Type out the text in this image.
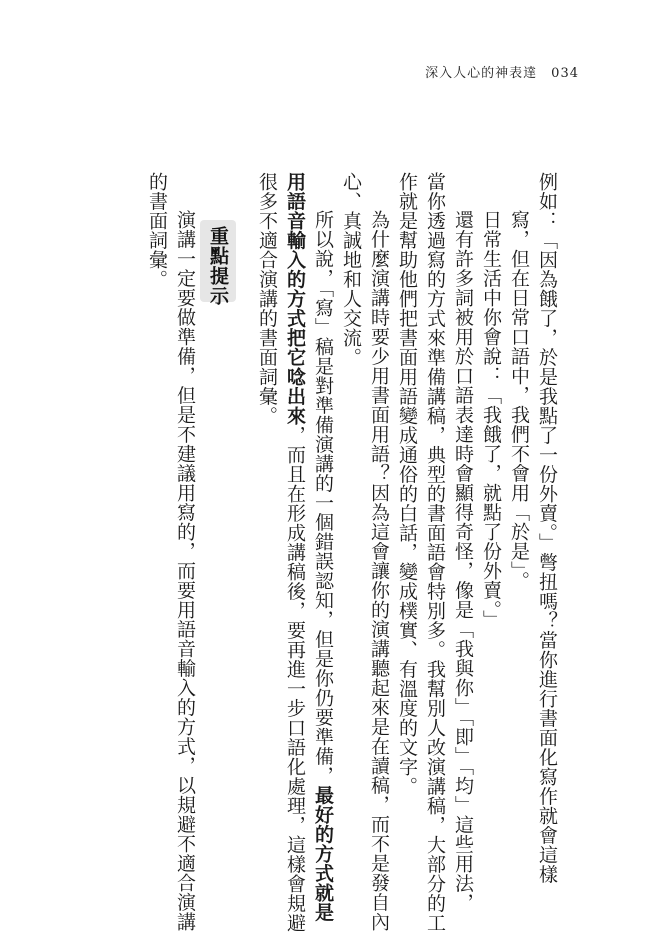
深入人心的神表達 034
例如：「因為餓了，於是我點了一份外賣。」彆扭嗎？當你進行書面化寫作就會這樣
寫，但在日常口語中，我們不會用「於是」。
日常生活中你會說：「我餓了，就點了份外賣。」
還有許多詞被用於口語表達時會顯得奇怪，像是「我與你」「即」「均」這些用法，
當你透過寫的方式來準備講稿，典型的書面語會特別多。我幫別人改演講稿，大部分的工
作就是幫助他們把書面用語變成通俗的白話，變成樸實、有溫度的文字。
為什麼演講時要少用書面用語？因為這會讓你的演講聽起來是在讀稿，而不是發自內
心、真誠地和人交流。
所以說，「寫」稿是對準備演講的一個錯誤認知，但是你仍要準備，最好的方式就是
用語音輸入的方式把它唸出來，而且在形成講稿後，要再進一步口語化處理，這樣會規避
很多不適合演講的書面詞彙。
重點提示
演講一定要做準備，但是不建議用寫的，而要用語音輸入的方式，以規避不適合演講
的書面詞彙。
